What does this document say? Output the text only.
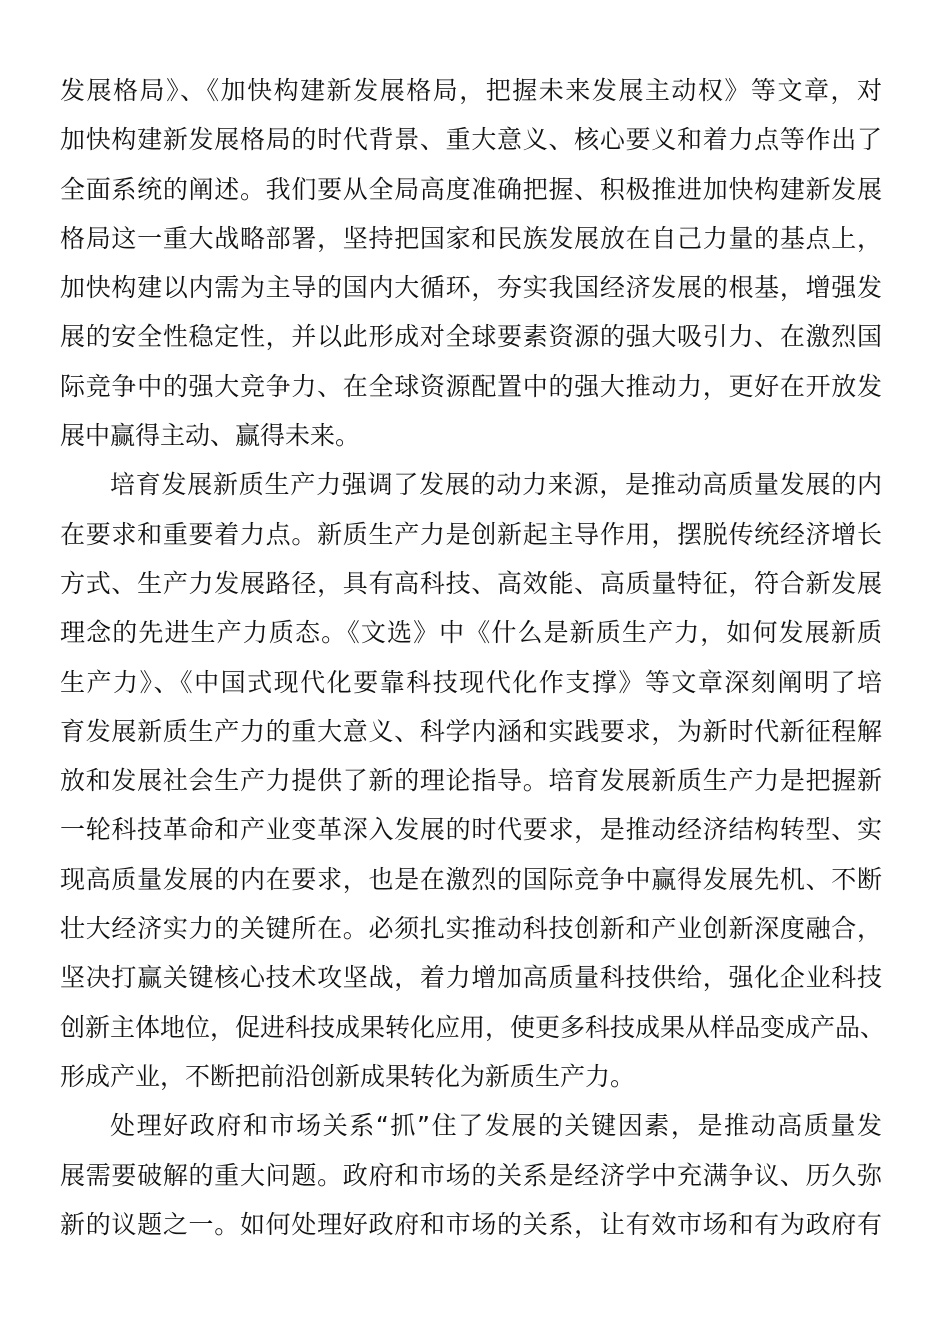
发展格局》、《加快构建新发展格局，把握未来发展主动权》等文章，对
加快构建新发展格局的时代背景、重大意义、核心要义和着力点等作出了
全面系统的阐述。我们要从全局高度准确把握、积极推进加快构建新发展
格局这一重大战略部署，坚持把国家和民族发展放在自己力量的基点上，
加快构建以内需为主导的国内大循环，夯实我国经济发展的根基，增强发
展的安全性稳定性，并以此形成对全球要素资源的强大吸引力、在激烈国
际竞争中的强大竞争力、在全球资源配置中的强大推动力，更好在开放发
展中赢得主动、赢得未来。
培育发展新质生产力强调了发展的动力来源，是推动高质量发展的内
在要求和重要着力点。新质生产力是创新起主导作用，摆脱传统经济增长
方式、生产力发展路径，具有高科技、高效能、高质量特征，符合新发展
理念的先进生产力质态。《文选》中《什么是新质生产力，如何发展新质
生产力》、《中国式现代化要靠科技现代化作支撑》等文章深刻阐明了培
育发展新质生产力的重大意义、科学内涵和实践要求，为新时代新征程解
放和发展社会生产力提供了新的理论指导。培育发展新质生产力是把握新
一轮科技革命和产业变革深入发展的时代要求，是推动经济结构转型、实
现高质量发展的内在要求，也是在激烈的国际竞争中赢得发展先机、不断
壮大经济实力的关键所在。必须扎实推动科技创新和产业创新深度融合，
坚决打赢关键核心技术攻坚战，着力增加高质量科技供给，强化企业科技
创新主体地位，促进科技成果转化应用，使更多科技成果从样品变成产品、
形成产业，不断把前沿创新成果转化为新质生产力。
处理好政府和市场关系“抓”住了发展的关键因素，是推动高质量发
展需要破解的重大问题。政府和市场的关系是经济学中充满争议、历久弥
新的议题之一。如何处理好政府和市场的关系，让有效市场和有为政府有
